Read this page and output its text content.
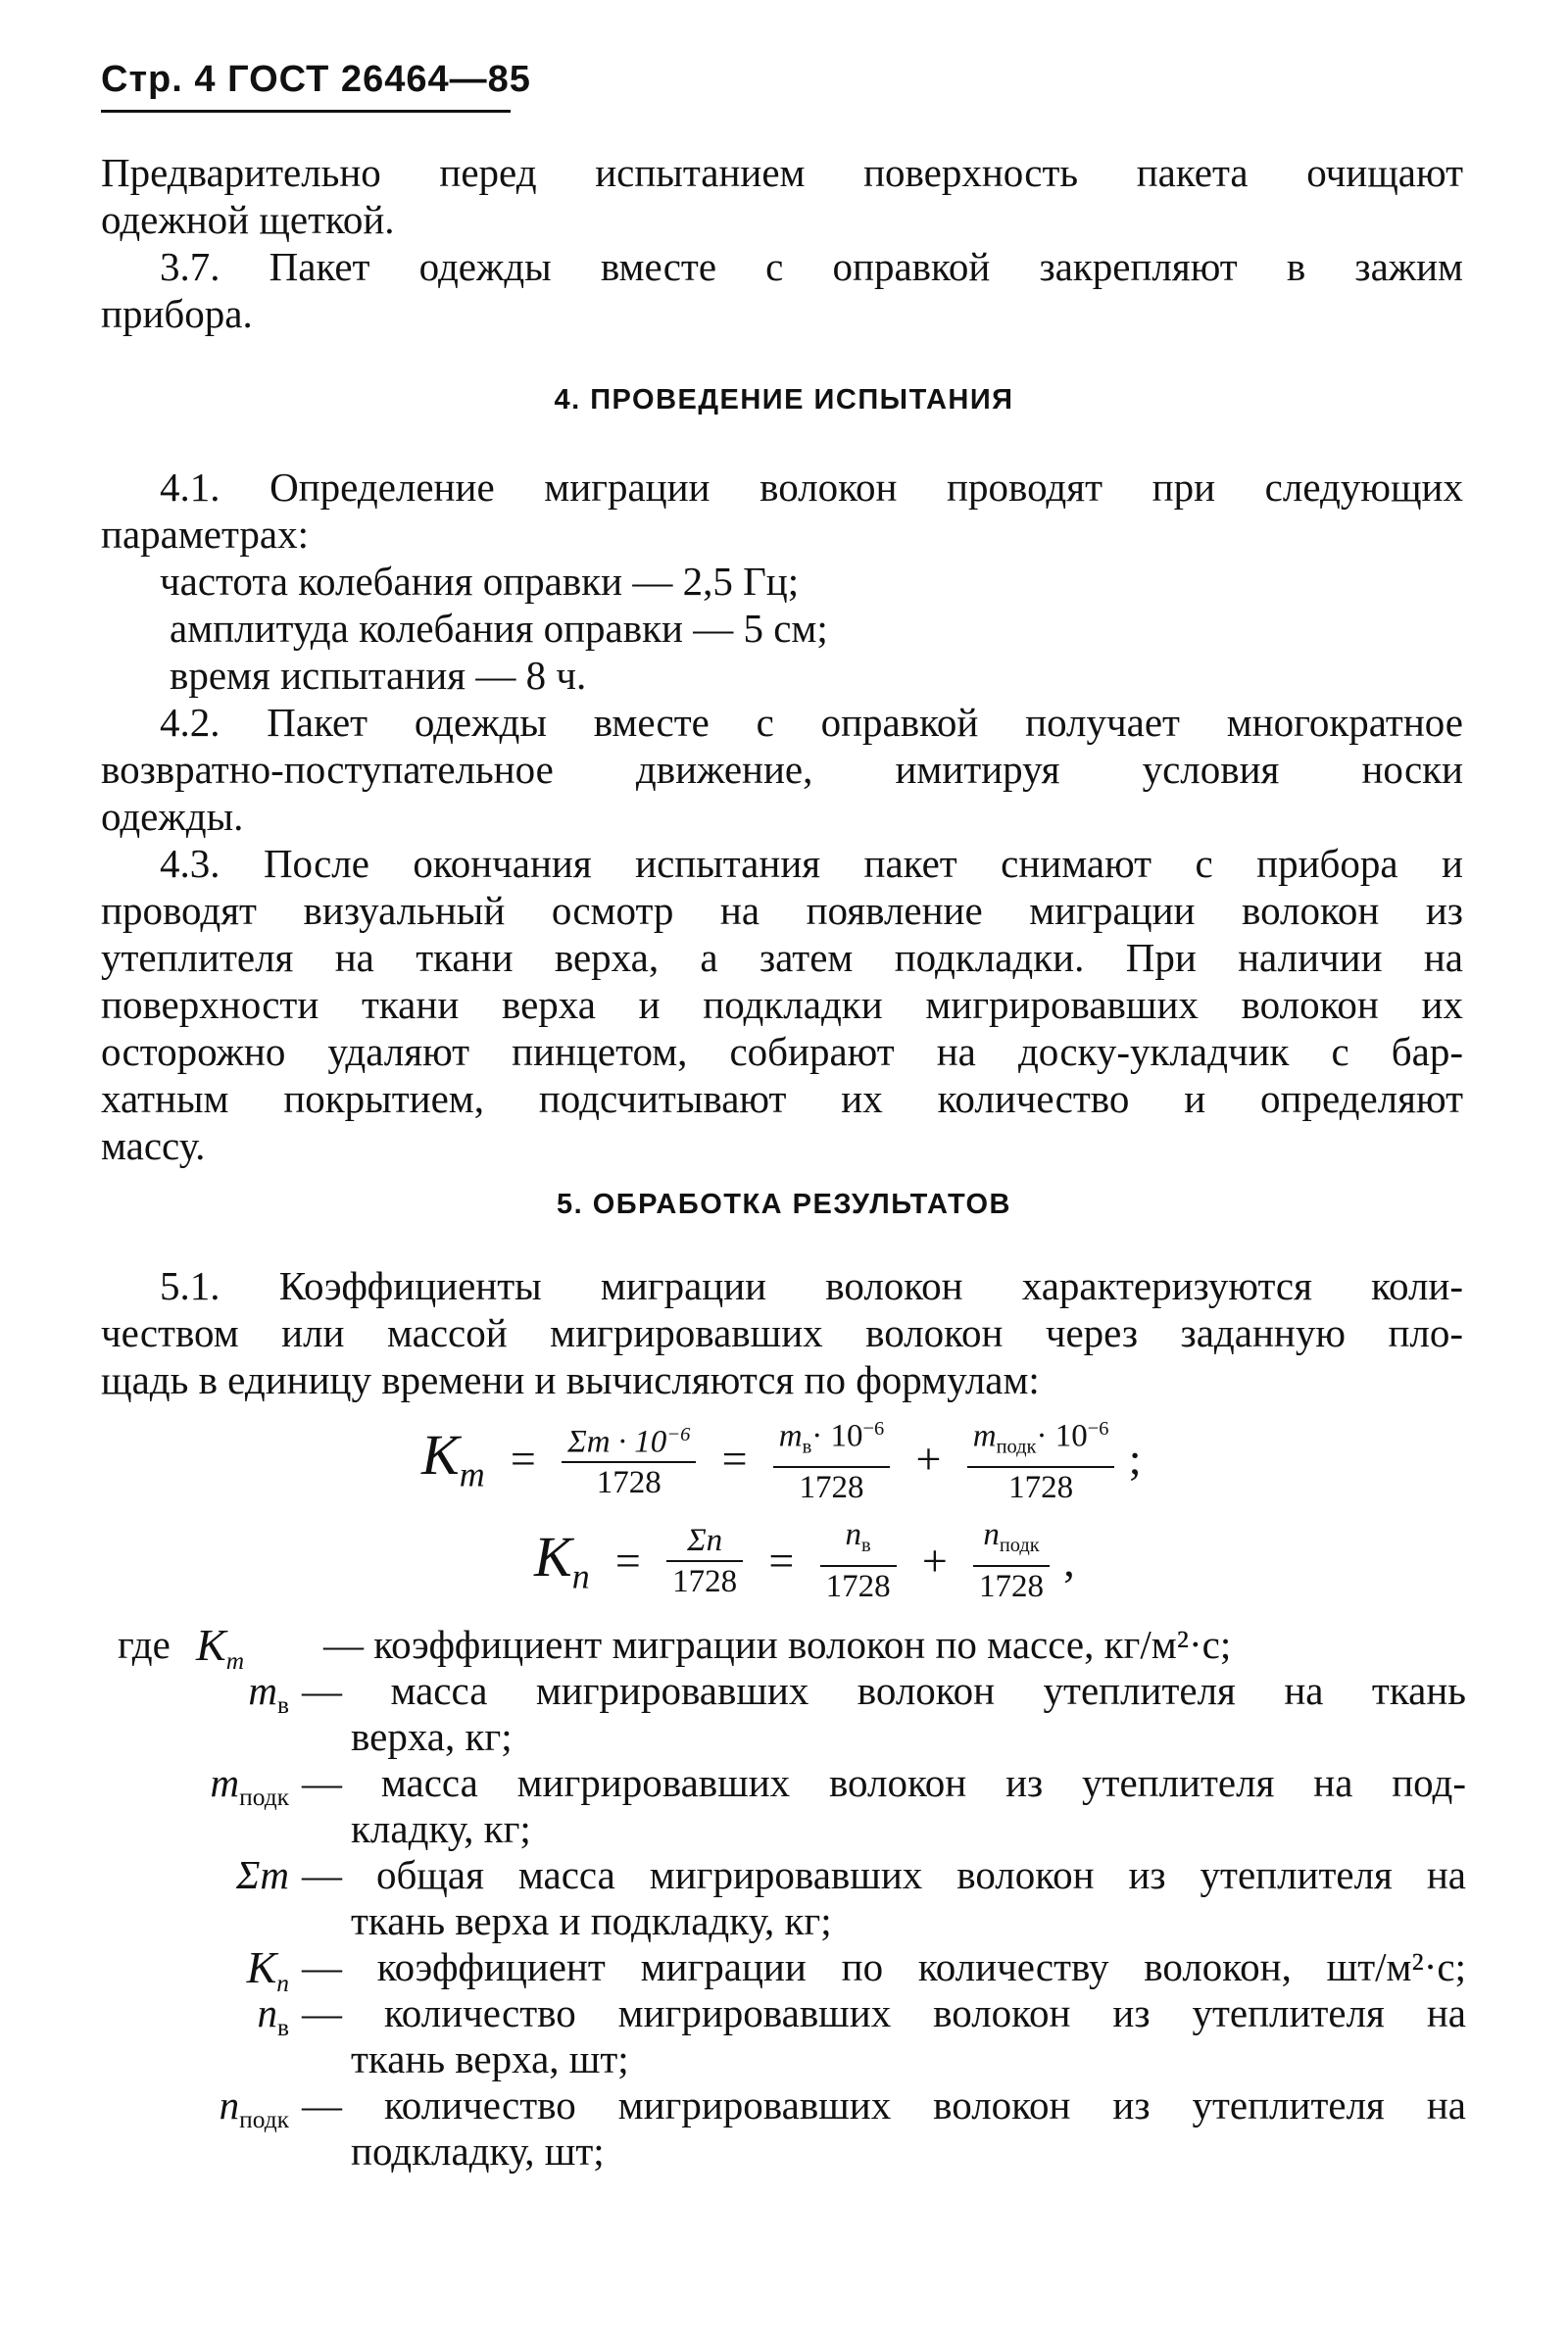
Стр. 4 ГОСТ 26464—85
Предварительно перед испытанием поверхность пакета очищают
одежной щеткой.
3.7. Пакет одежды вместе с оправкой закрепляют в зажим
прибора.
4. ПРОВЕДЕНИЕ ИСПЫТАНИЯ
4.1. Определение миграции волокон проводят при следующих
параметрах:
частота колебания оправки — 2,5 Гц;
амплитуда колебания оправки — 5 см;
время испытания — 8 ч.
4.2. Пакет одежды вместе с оправкой получает многократное
возвратно-поступательное движение, имитируя условия носки
одежды.
4.3. После окончания испытания пакет снимают с прибора и
проводят визуальный осмотр на появление миграции волокон из
утеплителя на ткани верха, а затем подкладки. При наличии на
поверхности ткани верха и подкладки мигрировавших волокон их
осторожно удаляют пинцетом, собирают на доску-укладчик с бар-
хатным покрытием, подсчитывают их количество и определяют
массу.
5. ОБРАБОТКА РЕЗУЛЬТАТОВ
5.1. Коэффициенты миграции волокон характеризуются коли-
чеством или массой мигрировавших волокон через заданную пло-
щадь в единицу времени и вычисляются по формулам:
$K_m = \frac{\Sigma m \cdot 10^{-6}}{1728} = \frac{m_в\cdot 10^{-6}}{1728} + \frac{m_{подк}\cdot 10^{-6}}{1728}$ ;
$K_n = \frac{\Sigma n}{1728} = \frac{n_в}{1728} + \frac{n_{подк}}{1728}$ ,
где $K_m$	— коэффициент миграции волокон по массе, кг/м²·с;
$m_в$ — масса мигрировавших волокон утеплителя на ткань
верха, кг;
$m_{подк}$ — масса мигрировавших волокон из утеплителя на под-
кладку, кг;
Σm — общая масса мигрировавших волокон из утеплителя на
ткань верха и подкладку, кг;
$K_n$ — коэффициент миграции по количеству волокон, шт/м²·с;
$n_в$ — количество мигрировавших волокон из утеплителя на
ткань верха, шт;
$n_{подк}$ — количество мигрировавших волокон из утеплителя на
подкладку, шт;
